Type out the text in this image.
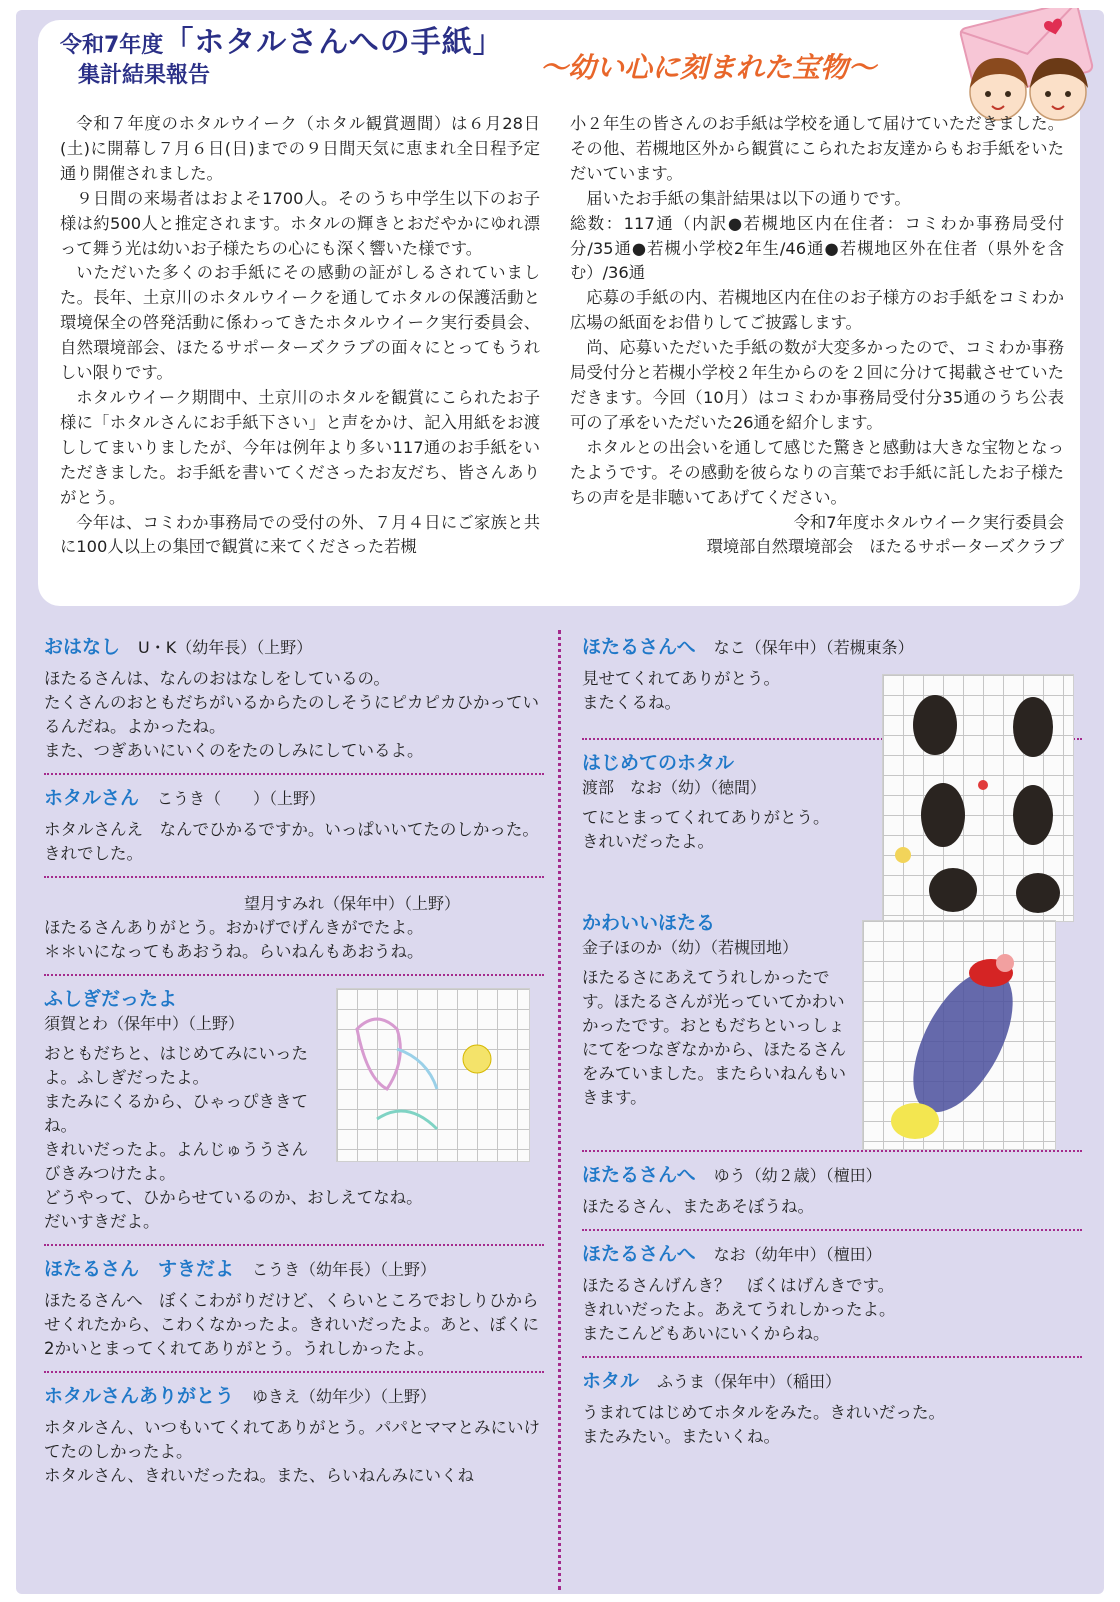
令和7年度「ホタルさんへの手紙」
集計結果報告	～幼い心に刻まれた宝物～

令和７年度のホタルウイーク（ホタル観賞週間）は６月28日(土)に開幕し７月６日(日)までの９日間天気に恵まれ全日程予定通り開催されました。

９日間の来場者はおよそ1700人。そのうち中学生以下のお子様は約500人と推定されます。ホタルの輝きとおだやかにゆれ漂って舞う光は幼いお子様たちの心にも深く響いた様です。

いただいた多くのお手紙にその感動の証がしるされていました。長年、土京川のホタルウイークを通してホタルの保護活動と環境保全の啓発活動に係わってきたホタルウイーク実行委員会、自然環境部会、ほたるサポーターズクラブの面々にとってもうれしい限りです。

ホタルウイーク期間中、土京川のホタルを観賞にこられたお子様に「ホタルさんにお手紙下さい」と声をかけ、記入用紙をお渡ししてまいりましたが、今年は例年より多い117通のお手紙をいただきました。お手紙を書いてくださったお友だち、皆さんありがとう。

今年は、コミわか事務局での受付の外、７月４日にご家族と共に100人以上の集団で観賞に来てくださった若槻

小２年生の皆さんのお手紙は学校を通して届けていただきました。その他、若槻地区外から観賞にこられたお友達からもお手紙をいただいています。

届いたお手紙の集計結果は以下の通りです。

総数：117通（内訳●若槻地区内在住者：コミわか事務局受付分/35通●若槻小学校2年生/46通●若槻地区外在住者（県外を含む）/36通

応募の手紙の内、若槻地区内在住のお子様方のお手紙をコミわか広場の紙面をお借りしてご披露します。

尚、応募いただいた手紙の数が大変多かったので、コミわか事務局受付分と若槻小学校２年生からのを２回に分けて掲載させていただきます。今回（10月）はコミわか事務局受付分35通のうち公表可の了承をいただいた26通を紹介します。

ホタルとの出会いを通して感じた驚きと感動は大きな宝物となったようです。その感動を彼らなりの言葉でお手紙に託したお子様たちの声を是非聴いてあげてください。

令和7年度ホタルウイーク実行委員会

環境部自然環境部会　ほたるサポーターズクラブ

おはなし U・K（幼年長）（上野）

ほたるさんは、なんのおはなしをしているの。

たくさんのおともだちがいるからたのしそうにピカピカひかっているんだね。よかったね。

また、つぎあいにいくのをたのしみにしているよ。

ホタルさん こうき（　　）（上野）

ホタルさんえ　なんでひかるですか。いっぱいいてたのしかった。きれでした。

望月すみれ（保年中）（上野）

ほたるさんありがとう。おかげでげんきがでたよ。

＊＊いになってもあおうね。らいねんもあおうね。

ふしぎだったよ
須賀とわ（保年中）（上野）

おともだちと、はじめてみにいったよ。ふしぎだったよ。

またみにくるから、ひゃっぴききてね。

きれいだったよ。よんじゅううさんびきみつけたよ。

どうやって、ひからせているのか、おしえてなね。

だいすきだよ。

ほたるさん　すきだよ こうき（幼年長）（上野）

ほたるさんへ　ぼくこわがりだけど、くらいところでおしりひからせくれたから、こわくなかったよ。きれいだったよ。あと、ぼくに2かいとまってくれてありがとう。うれしかったよ。

ホタルさんありがとう ゆきえ（幼年少）（上野）

ホタルさん、いつもいてくれてありがとう。パパとママとみにいけてたのしかったよ。

ホタルさん、きれいだったね。また、らいねんみにいくね

ほたるさんへ なこ（保年中）（若槻東条）

見せてくれてありがとう。

またくるね。

はじめてのホタル
渡部　なお（幼）（徳間）

てにとまってくれてありがとう。

きれいだったよ。

かわいいほたる
金子ほのか（幼）（若槻団地）

ほたるさにあえてうれしかったです。ほたるさんが光っていてかわいかったです。おともだちといっしょにてをつなぎなかから、ほたるさんをみていました。またらいねんもいきます。

ほたるさんへ ゆう（幼２歳）（檀田）

ほたるさん、またあそぼうね。

ほたるさんへ なお（幼年中）（檀田）

ほたるさんげんき？　ぼくはげんきです。

きれいだったよ。あえてうれしかったよ。

またこんどもあいにいくからね。

ホタル ふうま（保年中）（稲田）

うまれてはじめてホタルをみた。きれいだった。

またみたい。またいくね。
